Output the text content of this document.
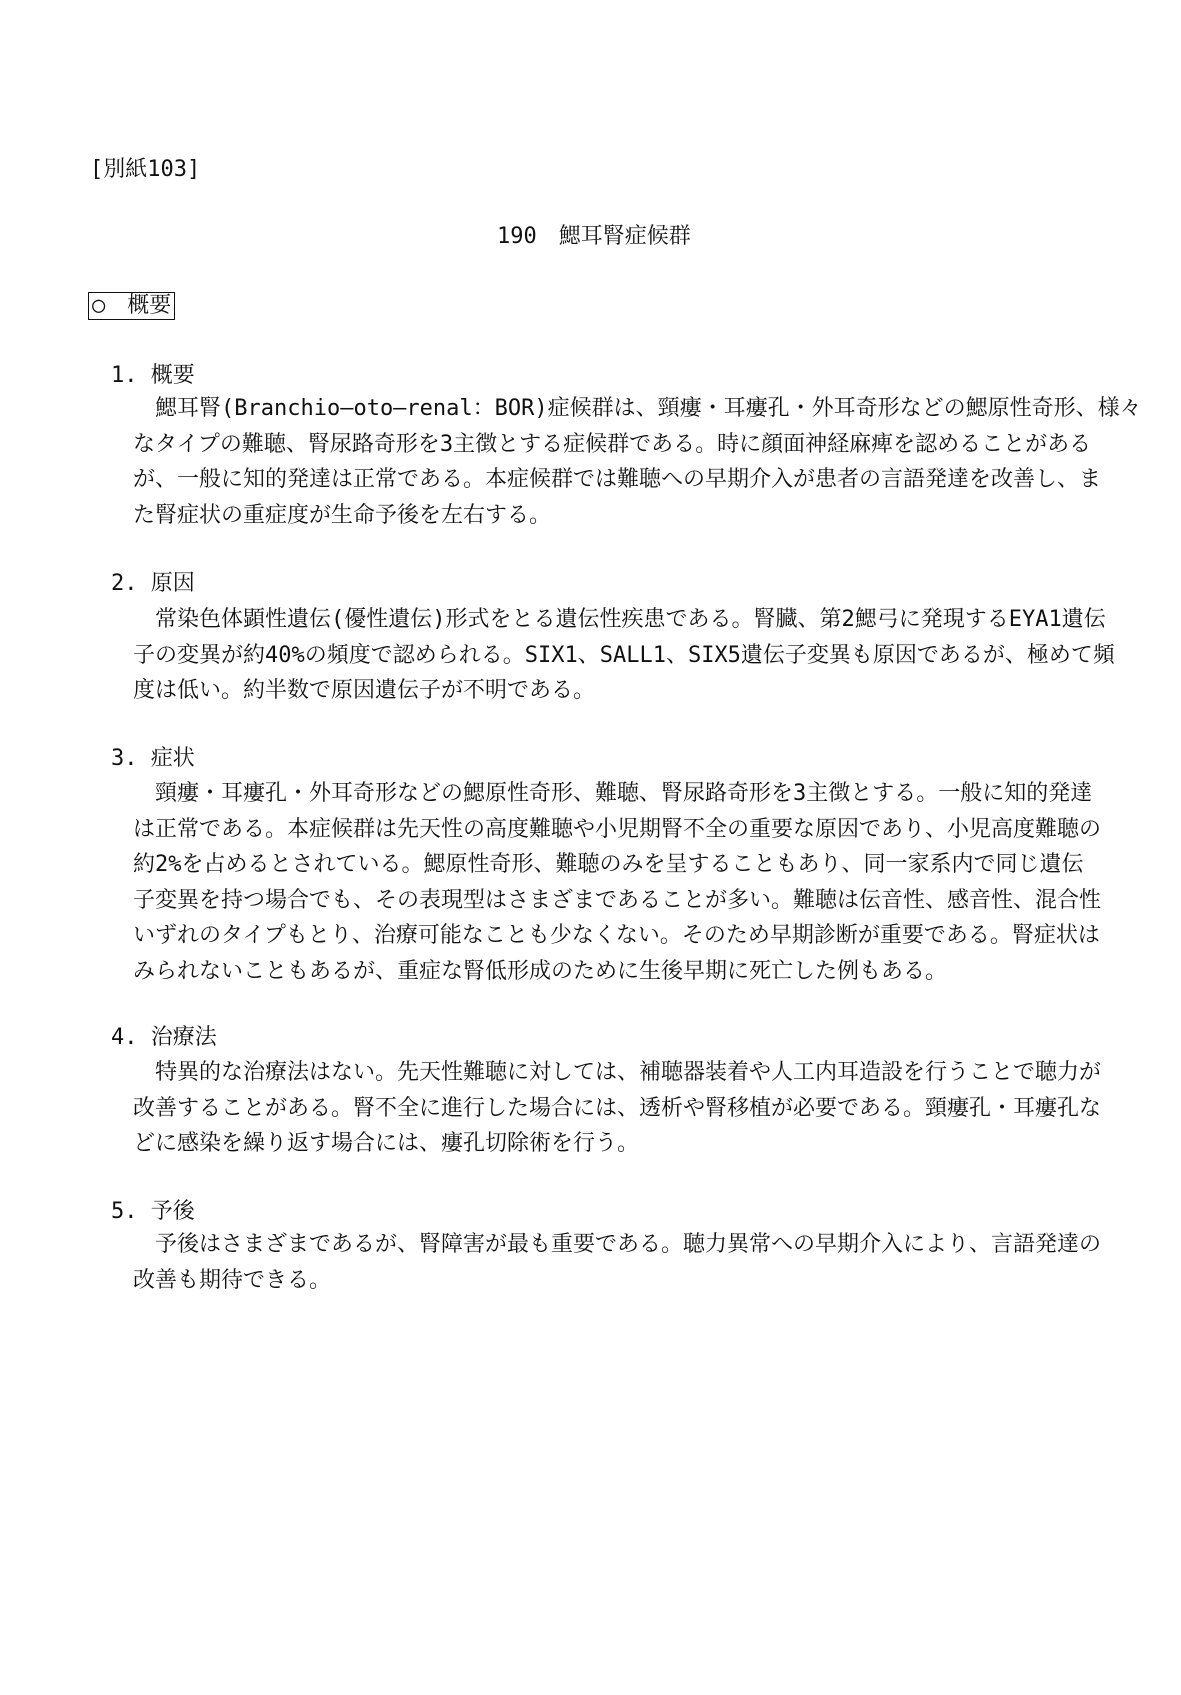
[別紙103]
190　鰓耳腎症候群
○　概要
1. 概要
鰓耳腎(Branchio―oto―renal：BOR)症候群は、頸瘻・耳瘻孔・外耳奇形などの鰓原性奇形、様々
なタイプの難聴、腎尿路奇形を3主徴とする症候群である。時に顔面神経麻痺を認めることがある
が、一般に知的発達は正常である。本症候群では難聴への早期介入が患者の言語発達を改善し、ま
た腎症状の重症度が生命予後を左右する。
2. 原因
常染色体顕性遺伝(優性遺伝)形式をとる遺伝性疾患である。腎臓、第2鰓弓に発現するEYA1遺伝
子の変異が約40%の頻度で認められる。SIX1、SALL1、SIX5遺伝子変異も原因であるが、極めて頻
度は低い。約半数で原因遺伝子が不明である。
3. 症状
頸瘻・耳瘻孔・外耳奇形などの鰓原性奇形、難聴、腎尿路奇形を3主徴とする。一般に知的発達
は正常である。本症候群は先天性の高度難聴や小児期腎不全の重要な原因であり、小児高度難聴の
約2%を占めるとされている。鰓原性奇形、難聴のみを呈することもあり、同一家系内で同じ遺伝
子変異を持つ場合でも、その表現型はさまざまであることが多い。難聴は伝音性、感音性、混合性
いずれのタイプもとり、治療可能なことも少なくない。そのため早期診断が重要である。腎症状は
みられないこともあるが、重症な腎低形成のために生後早期に死亡した例もある。
4. 治療法
特異的な治療法はない。先天性難聴に対しては、補聴器装着や人工内耳造設を行うことで聴力が
改善することがある。腎不全に進行した場合には、透析や腎移植が必要である。頸瘻孔・耳瘻孔な
どに感染を繰り返す場合には、瘻孔切除術を行う。
5. 予後
予後はさまざまであるが、腎障害が最も重要である。聴力異常への早期介入により、言語発達の
改善も期待できる。
